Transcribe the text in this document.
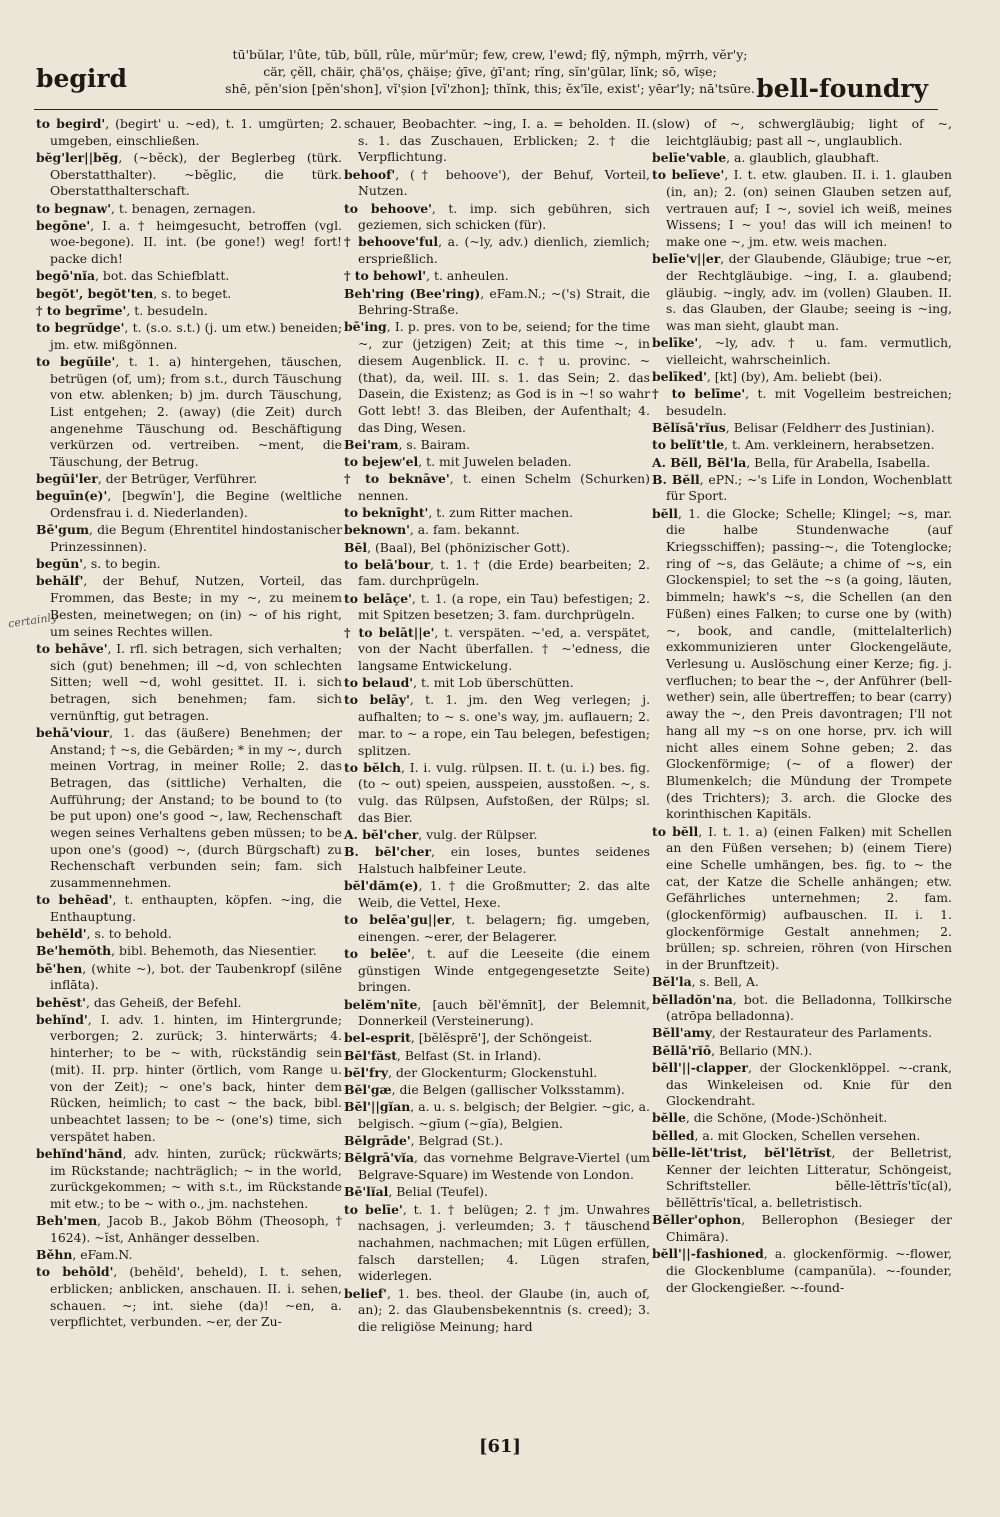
begird
tū'bŭlar, l'ûte, tūb, bŭll, rûle, mŭr'mŭr; few, crew, l'ewd; flȳ, nȳmph, mȳrrh, vĕr'y;
cär, çĕll, chäir, çhä'ọs, çhäișe; ġīve, ġī'ant; rĭng, sĭn'gūlar, lĭnk; sō, wīșe;
shē, pĕn'sion [pĕn'shon], vĭ'șion [vĭ'zhon]; thĭnk, this; ĕx'īle, exist'; yēar'ly; nā'tsūre. bell-foundry
certainly
to begird', (begirt' u. ~ed), t. 1. umgürten; 2. umgeben, einschließen.
bĕg'ler||bĕg, (~bĕck), der Beglerbeg (türk. Oberstatthalter). ~bĕglic, die türk. Oberstatthalterschaft.
to begnaw', t. benagen, zernagen.
begōne', I. a. † heimgesucht, betroffen (vgl. woe-begone). II. int. (be gone!) weg! fort! packe dich!
begō'nĭa, bot. das Schiefblatt.
begŏt', begŏt'ten, s. to beget.
† to begrīme', t. besudeln.
to begrŭdge', t. (s.o. s.t.) (j. um etw.) beneiden; jm. etw. mißgönnen.
to begŭile', t. 1. a) hintergehen, täuschen, betrügen (of, um); from s.t., durch Täuschung von etw. ablenken; b) jm. durch Täuschung, List entgehen; 2. (away) (die Zeit) durch angenehme Täuschung od. Beschäftigung verkürzen od. vertreiben. ~ment, die Täuschung, der Betrug.
begŭi'ler, der Betrüger, Verführer.
beguīn(e)', [begwĭn'], die Begine (weltliche Ordensfrau i. d. Niederlanden).
Bē'gum, die Begum (Ehrentitel hindostanischer Prinzessinnen).
begŭn', s. to begin.
behălf', der Behuf, Nutzen, Vorteil, das Frommen, das Beste; in my ~, zu meinem Besten, meinetwegen; on (in) ~ of his right, um seines Rechtes willen.
to behāve', I. rfl. sich betragen, sich verhalten; sich (gut) benehmen; ill ~d, von schlechten Sitten; well ~d, wohl gesittet. II. i. sich betragen, sich benehmen; fam. sich vernünftig, gut betragen.
behā'viour, 1. das (äußere) Benehmen; der Anstand; † ~s, die Gebärden; * in my ~, durch meinen Vortrag, in meiner Rolle; 2. das Betragen, das (sittliche) Verhalten, die Aufführung; der Anstand; to be bound to (to be put upon) one's good ~, law, Rechenschaft wegen seines Verhaltens geben müssen; to be upon one's (good) ~, (durch Bürgschaft) zu Rechenschaft verbunden sein; fam. sich zusammennehmen.
to behĕad', t. enthaupten, köpfen. ~ing, die Enthauptung.
behĕld', s. to behold.
Be'hemŏth, bibl. Behemoth, das Niesentier.
bē'hen, (white ~), bot. der Taubenkropf (silēne inflāta).
behĕst', das Geheiß, der Befehl.
behĭnd', I. adv. 1. hinten, im Hintergrunde; verborgen; 2. zurück; 3. hinterwärts; 4. hinterher; to be ~ with, rückständig sein (mit). II. prp. hinter (örtlich, vom Range u. von der Zeit); ~ one's back, hinter dem Rücken, heimlich; to cast ~ the back, bibl. unbeachtet lassen; to be ~ (one's) time, sich verspätet haben.
behĭnd'hănd, adv. hinten, zurück; rückwärts; im Rückstande; nachträglich; ~ in the world, zurückgekommen; ~ with s.t., im Rückstande mit etw.; to be ~ with o., jm. nachstehen.
Beh'men, Jacob B., Jakob Böhm (Theosoph, † 1624). ~ĭst, Anhänger desselben.
Běhn, eFam.N.
to behōld', (behĕld', beheld), I. t. sehen, erblicken; anblicken, anschauen. II. i. sehen, schauen. ~; int. siehe (da)! ~en, a. verpflichtet, verbunden. ~er, der Zu-
schauer, Beobachter. ~ing, I. a. = beholden. II. s. 1. das Zuschauen, Erblicken; 2. † die Verpflichtung.
behoof', († behoove'), der Behuf, Vorteil, Nutzen.
to behoove', t. imp. sich gebühren, sich geziemen, sich schicken (für).
† behoove'ful, a. (~ly, adv.) dienlich, ziemlich; ersprießlich.
† to behowl', t. anheulen.
Beh'ring (Bee'ring), eFam.N.; ~('s) Strait, die Behring-Straße.
bē'ing, I. p. pres. von to be, seiend; for the time ~, zur (jetzigen) Zeit; at this time ~, in diesem Augenblick. II. c. † u. provinc. ~ (that), da, weil. III. s. 1. das Sein; 2. das Dasein, die Existenz; as God is in ~! so wahr Gott lebt! 3. das Bleiben, der Aufenthalt; 4. das Ding, Wesen.
Bei'ram, s. Bairam.
to bejew'el, t. mit Juwelen beladen.
† to beknāve', t. einen Schelm (Schurken) nennen.
to beknīght', t. zum Ritter machen.
beknown', a. fam. bekannt.
Bĕl, (Baal), Bel (phönizischer Gott).
to belā'bour, t. 1. † (die Erde) bearbeiten; 2. fam. durchprügeln.
to belāçe', t. 1. (a rope, ein Tau) befestigen; 2. mit Spitzen besetzen; 3. fam. durchprügeln.
† to belāt||e', t. verspäten. ~'ed, a. verspätet, von der Nacht überfallen. † ~'edness, die langsame Entwickelung.
to belaud', t. mit Lob überschütten.
to belāy', t. 1. jm. den Weg verlegen; j. aufhalten; to ~ s. one's way, jm. auflauern; 2. mar. to ~ a rope, ein Tau belegen, befestigen; splitzen.
to bĕlch, I. i. vulg. rülpsen. II. t. (u. i.) bes. fig. (to ~ out) speien, ausspeien, ausstoßen. ~, s. vulg. das Rülpsen, Aufstoßen, der Rülps; sl. das Bier.
A. bĕl'cher, vulg. der Rülpser.
B. bĕl'cher, ein loses, buntes seidenes Halstuch halbfeiner Leute.
bĕl'dăm(e), 1. † die Großmutter; 2. das alte Weib, die Vettel, Hexe.
to belēa'gu||er, t. belagern; fig. umgeben, einengen. ~erer, der Belagerer.
to belēe', t. auf die Leeseite (die einem günstigen Winde entgegengesetzte Seite) bringen.
belĕm'nīte, [auch bĕl'ĕmnīt], der Belemnit, Donnerkeil (Versteinerung).
bel-esprit, [bĕlĕsprē'], der Schöngeist.
Bĕl'făst, Belfast (St. in Irland).
bĕl'fry, der Glockenturm; Glockenstuhl.
Bĕl'gæ, die Belgen (gallischer Volksstamm).
Bĕl'||gĭan, a. u. s. belgisch; der Belgier. ~gic, a. belgisch. ~gĭum (~gĭa), Belgien.
Bĕlgrāde', Belgrad (St.).
Bĕlgrā'vĭa, das vornehme Belgrave-Viertel (um Belgrave-Square) im Westende von London.
Bē'lĭal, Belial (Teufel).
to belīe', t. 1. † belügen; 2. † jm. Unwahres nachsagen, j. verleumden; 3. † täuschend nachahmen, nachmachen; mit Lügen erfüllen, falsch darstellen; 4. Lügen strafen, widerlegen.
belief', 1. bes. theol. der Glaube (in, auch of, an); 2. das Glaubensbekenntnis (s. creed); 3. die religiöse Meinung; hard
(slow) of ~, schwergläubig; light of ~, leichtgläubig; past all ~, unglaublich.
belīe'vable, a. glaublich, glaubhaft.
to belīeve', I. t. etw. glauben. II. i. 1. glauben (in, an); 2. (on) seinen Glauben setzen auf, vertrauen auf; I ~, soviel ich weiß, meines Wissens; I ~ you! das will ich meinen! to make one ~, jm. etw. weis machen.
belīe'v||er, der Glaubende, Gläubige; true ~er, der Rechtgläubige. ~ing, I. a. glaubend; gläubig. ~ingly, adv. im (vollen) Glauben. II. s. das Glauben, der Glaube; seeing is ~ing, was man sieht, glaubt man.
belīke', ~ly, adv. † u. fam. vermutlich, vielleicht, wahrscheinlich.
belīked', [kt] (by), Am. beliebt (bei).
† to belīme', t. mit Vogelleim bestreichen; besudeln.
Bĕlĭsā'rĭus, Belisar (Feldherr des Justinian).
to belĭt'tle, t. Am. verkleinern, herabsetzen.
A. Bĕll, Bĕl'la, Bella, für Arabella, Isabella.
B. Bĕll, ePN.; ~'s Life in London, Wochenblatt für Sport.
bĕll, 1. die Glocke; Schelle; Klingel; ~s, mar. die halbe Stundenwache (auf Kriegsschiffen); passing-~, die Totenglocke; ring of ~s, das Geläute; a chime of ~s, ein Glockenspiel; to set the ~s (a going, läuten, bimmeln; hawk's ~s, die Schellen (an den Füßen) eines Falken; to curse one by (with) ~, book, and candle, (mittelalterlich) exkommunizieren unter Glockengeläute, Verlesung u. Auslöschung einer Kerze; fig. j. verfluchen; to bear the ~, der Anführer (bell-wether) sein, alle übertreffen; to bear (carry) away the ~, den Preis davontragen; I'll not hang all my ~s on one horse, prv. ich will nicht alles einem Sohne geben; 2. das Glockenförmige; (~ of a flower) der Blumenkelch; die Mündung der Trompete (des Trichters); 3. arch. die Glocke des korinthischen Kapitäls.
to bĕll, I. t. 1. a) (einen Falken) mit Schellen an den Füßen versehen; b) (einem Tiere) eine Schelle umhängen, bes. fig. to ~ the cat, der Katze die Schelle anhängen; etw. Gefährliches unternehmen; 2. fam. (glockenförmig) aufbauschen. II. i. 1. glockenförmige Gestalt annehmen; 2. brüllen; sp. schreien, röhren (von Hirschen in der Brunftzeit).
Bĕl'la, s. Bell, A.
bĕlladŏn'na, bot. die Belladonna, Tollkirsche (atrōpa belladonna).
Bĕll'amy, der Restaurateur des Parlaments.
Bĕllā'rĭō, Bellario (MN.).
bĕll'||-clapper, der Glockenklöppel. ~-crank, das Winkeleisen od. Knie für den Glockendraht.
bĕlle, die Schöne, (Mode-)Schönheit.
bĕlled, a. mit Glocken, Schellen versehen.
bĕlle-lĕt'trist, bĕl'lĕtrĭst, der Belletrist, Kenner der leichten Litteratur, Schöngeist, Schriftsteller. bĕlle-lĕttrĭs'tĭc(al), bĕllĕttrĭs'tĭcal, a. belletristisch.
Bĕller'ophon, Bellerophon (Besieger der Chimära).
bĕll'||-fashioned, a. glockenförmig. ~-flower, die Glockenblume (campanŭla). ~-founder, der Glockengießer. ~-found-
[61]
